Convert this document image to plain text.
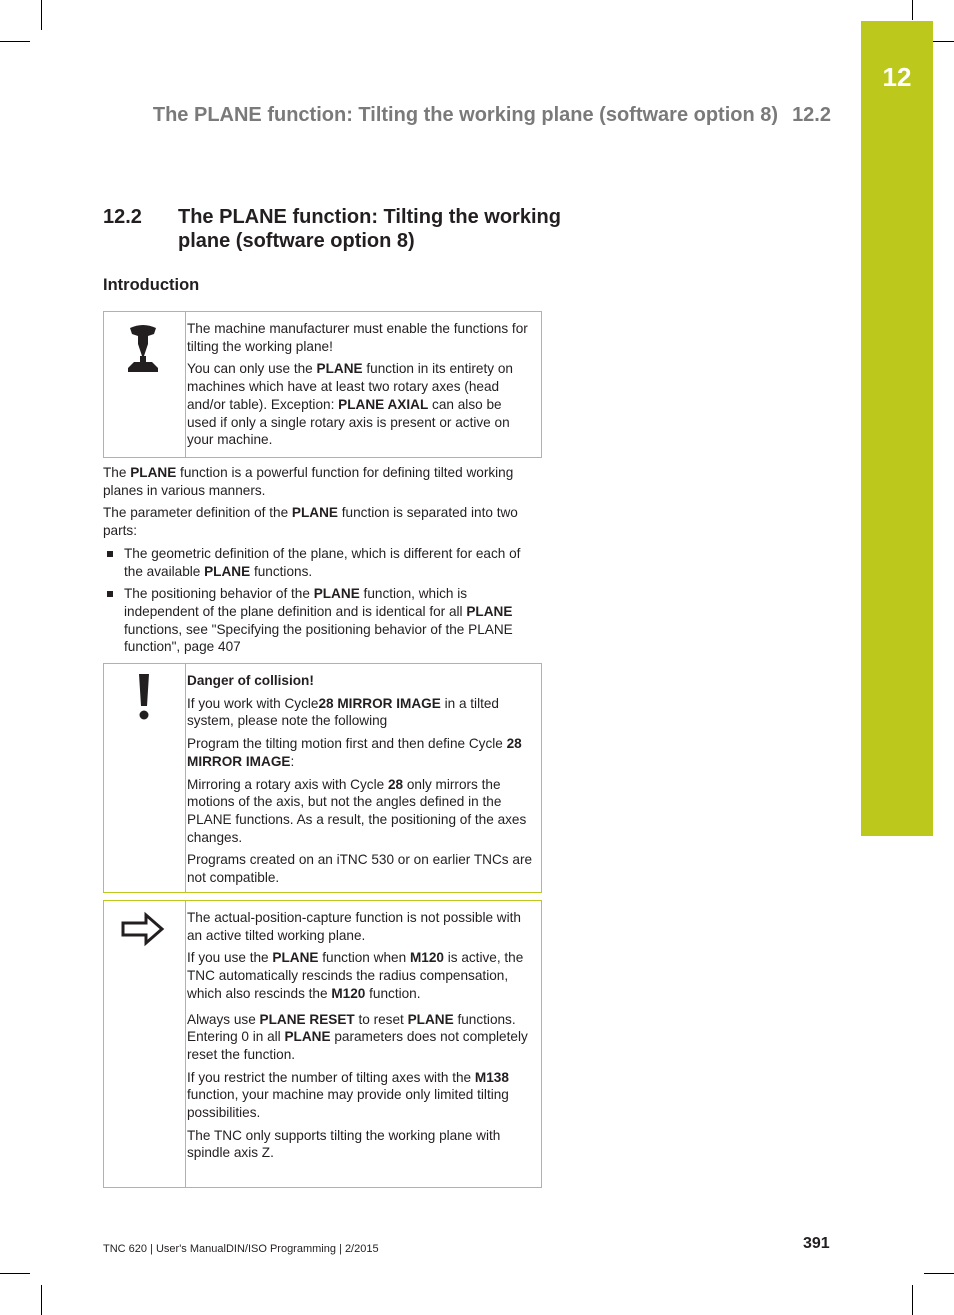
12
The PLANE function: Tilting the working plane (software option 8) 12.2
12.2 The PLANE function: Tilting the working plane (software option 8)
Introduction

The machine manufacturer must enable the functions for tilting the working plane!

You can only use the PLANE function in its entirety on machines which have at least two rotary axes (head and/or table). Exception: PLANE AXIAL can also be used if only a single rotary axis is present or active on your machine.

The PLANE function is a powerful function for defining tilted working planes in various manners.

The parameter definition of the PLANE function is separated into two parts:

The geometric definition of the plane, which is different for each of the available PLANE functions.

The positioning behavior of the PLANE function, which is independent of the plane definition and is identical for all PLANE functions, see "Specifying the positioning behavior of the PLANE function", page 407

Danger of collision!

If you work with Cycle28 MIRROR IMAGE in a tilted system, please note the following

Program the tilting motion first and then define Cycle 28 MIRROR IMAGE:

Mirroring a rotary axis with Cycle 28 only mirrors the motions of the axis, but not the angles defined in the PLANE functions. As a result, the positioning of the axes changes.

Programs created on an iTNC 530 or on earlier TNCs are not compatible.

The actual-position-capture function is not possible with an active tilted working plane.

If you use the PLANE function when M120 is active, the TNC automatically rescinds the radius compensation, which also rescinds the M120 function.

Always use PLANE RESET to reset PLANE functions. Entering 0 in all PLANE parameters does not completely reset the function.

If you restrict the number of tilting axes with the M138 function, your machine may provide only limited tilting possibilities.

The TNC only supports tilting the working plane with spindle axis Z.

TNC 620 | User's ManualDIN/ISO Programming | 2/2015	391
